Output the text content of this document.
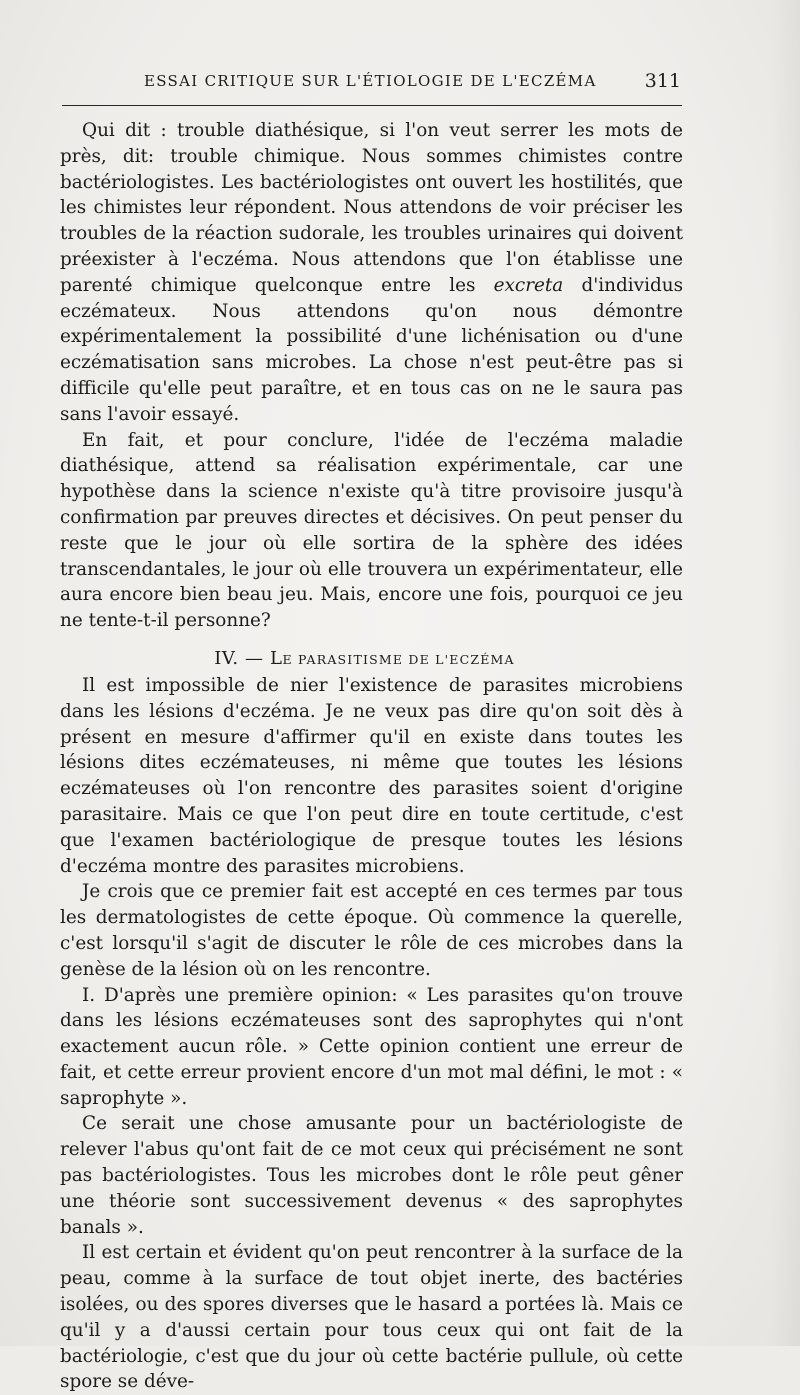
ESSAI CRITIQUE SUR L'ÉTIOLOGIE DE L'ECZÉMA	311

Qui dit : trouble diathésique, si l'on veut serrer les mots de près, dit: trouble chimique. Nous sommes chimistes contre bactériologistes. Les bactériologistes ont ouvert les hostilités, que les chimistes leur répondent. Nous attendons de voir préciser les troubles de la réaction sudorale, les troubles urinaires qui doivent préexister à l'eczéma. Nous attendons que l'on établisse une parenté chimique quelconque entre les excreta d'individus eczémateux. Nous attendons qu'on nous démontre expérimentalement la possibilité d'une lichénisation ou d'une eczématisation sans microbes. La chose n'est peut-être pas si difficile qu'elle peut paraître, et en tous cas on ne le saura pas sans l'avoir essayé.

En fait, et pour conclure, l'idée de l'eczéma maladie diathésique, attend sa réalisation expérimentale, car une hypothèse dans la science n'existe qu'à titre provisoire jusqu'à confirmation par preuves directes et décisives. On peut penser du reste que le jour où elle sortira de la sphère des idées transcendantales, le jour où elle trouvera un expérimentateur, elle aura encore bien beau jeu. Mais, encore une fois, pourquoi ce jeu ne tente-t-il personne?

IV. — LE PARASITISME DE L'ECZÉMA

Il est impossible de nier l'existence de parasites microbiens dans les lésions d'eczéma. Je ne veux pas dire qu'on soit dès à présent en mesure d'affirmer qu'il en existe dans toutes les lésions dites eczémateuses, ni même que toutes les lésions eczémateuses où l'on rencontre des parasites soient d'origine parasitaire. Mais ce que l'on peut dire en toute certitude, c'est que l'examen bactériologique de presque toutes les lésions d'eczéma montre des parasites microbiens.

Je crois que ce premier fait est accepté en ces termes par tous les dermatologistes de cette époque. Où commence la querelle, c'est lorsqu'il s'agit de discuter le rôle de ces microbes dans la genèse de la lésion où on les rencontre.

I. D'après une première opinion: « Les parasites qu'on trouve dans les lésions eczémateuses sont des saprophytes qui n'ont exactement aucun rôle. » Cette opinion contient une erreur de fait, et cette erreur provient encore d'un mot mal défini, le mot : « saprophyte ».

Ce serait une chose amusante pour un bactériologiste de relever l'abus qu'ont fait de ce mot ceux qui précisément ne sont pas bactériologistes. Tous les microbes dont le rôle peut gêner une théorie sont successivement devenus « des saprophytes banals ».

Il est certain et évident qu'on peut rencontrer à la surface de la peau, comme à la surface de tout objet inerte, des bactéries isolées, ou des spores diverses que le hasard a portées là. Mais ce qu'il y a d'aussi certain pour tous ceux qui ont fait de la bactériologie, c'est que du jour où cette bactérie pullule, où cette spore se déve-
